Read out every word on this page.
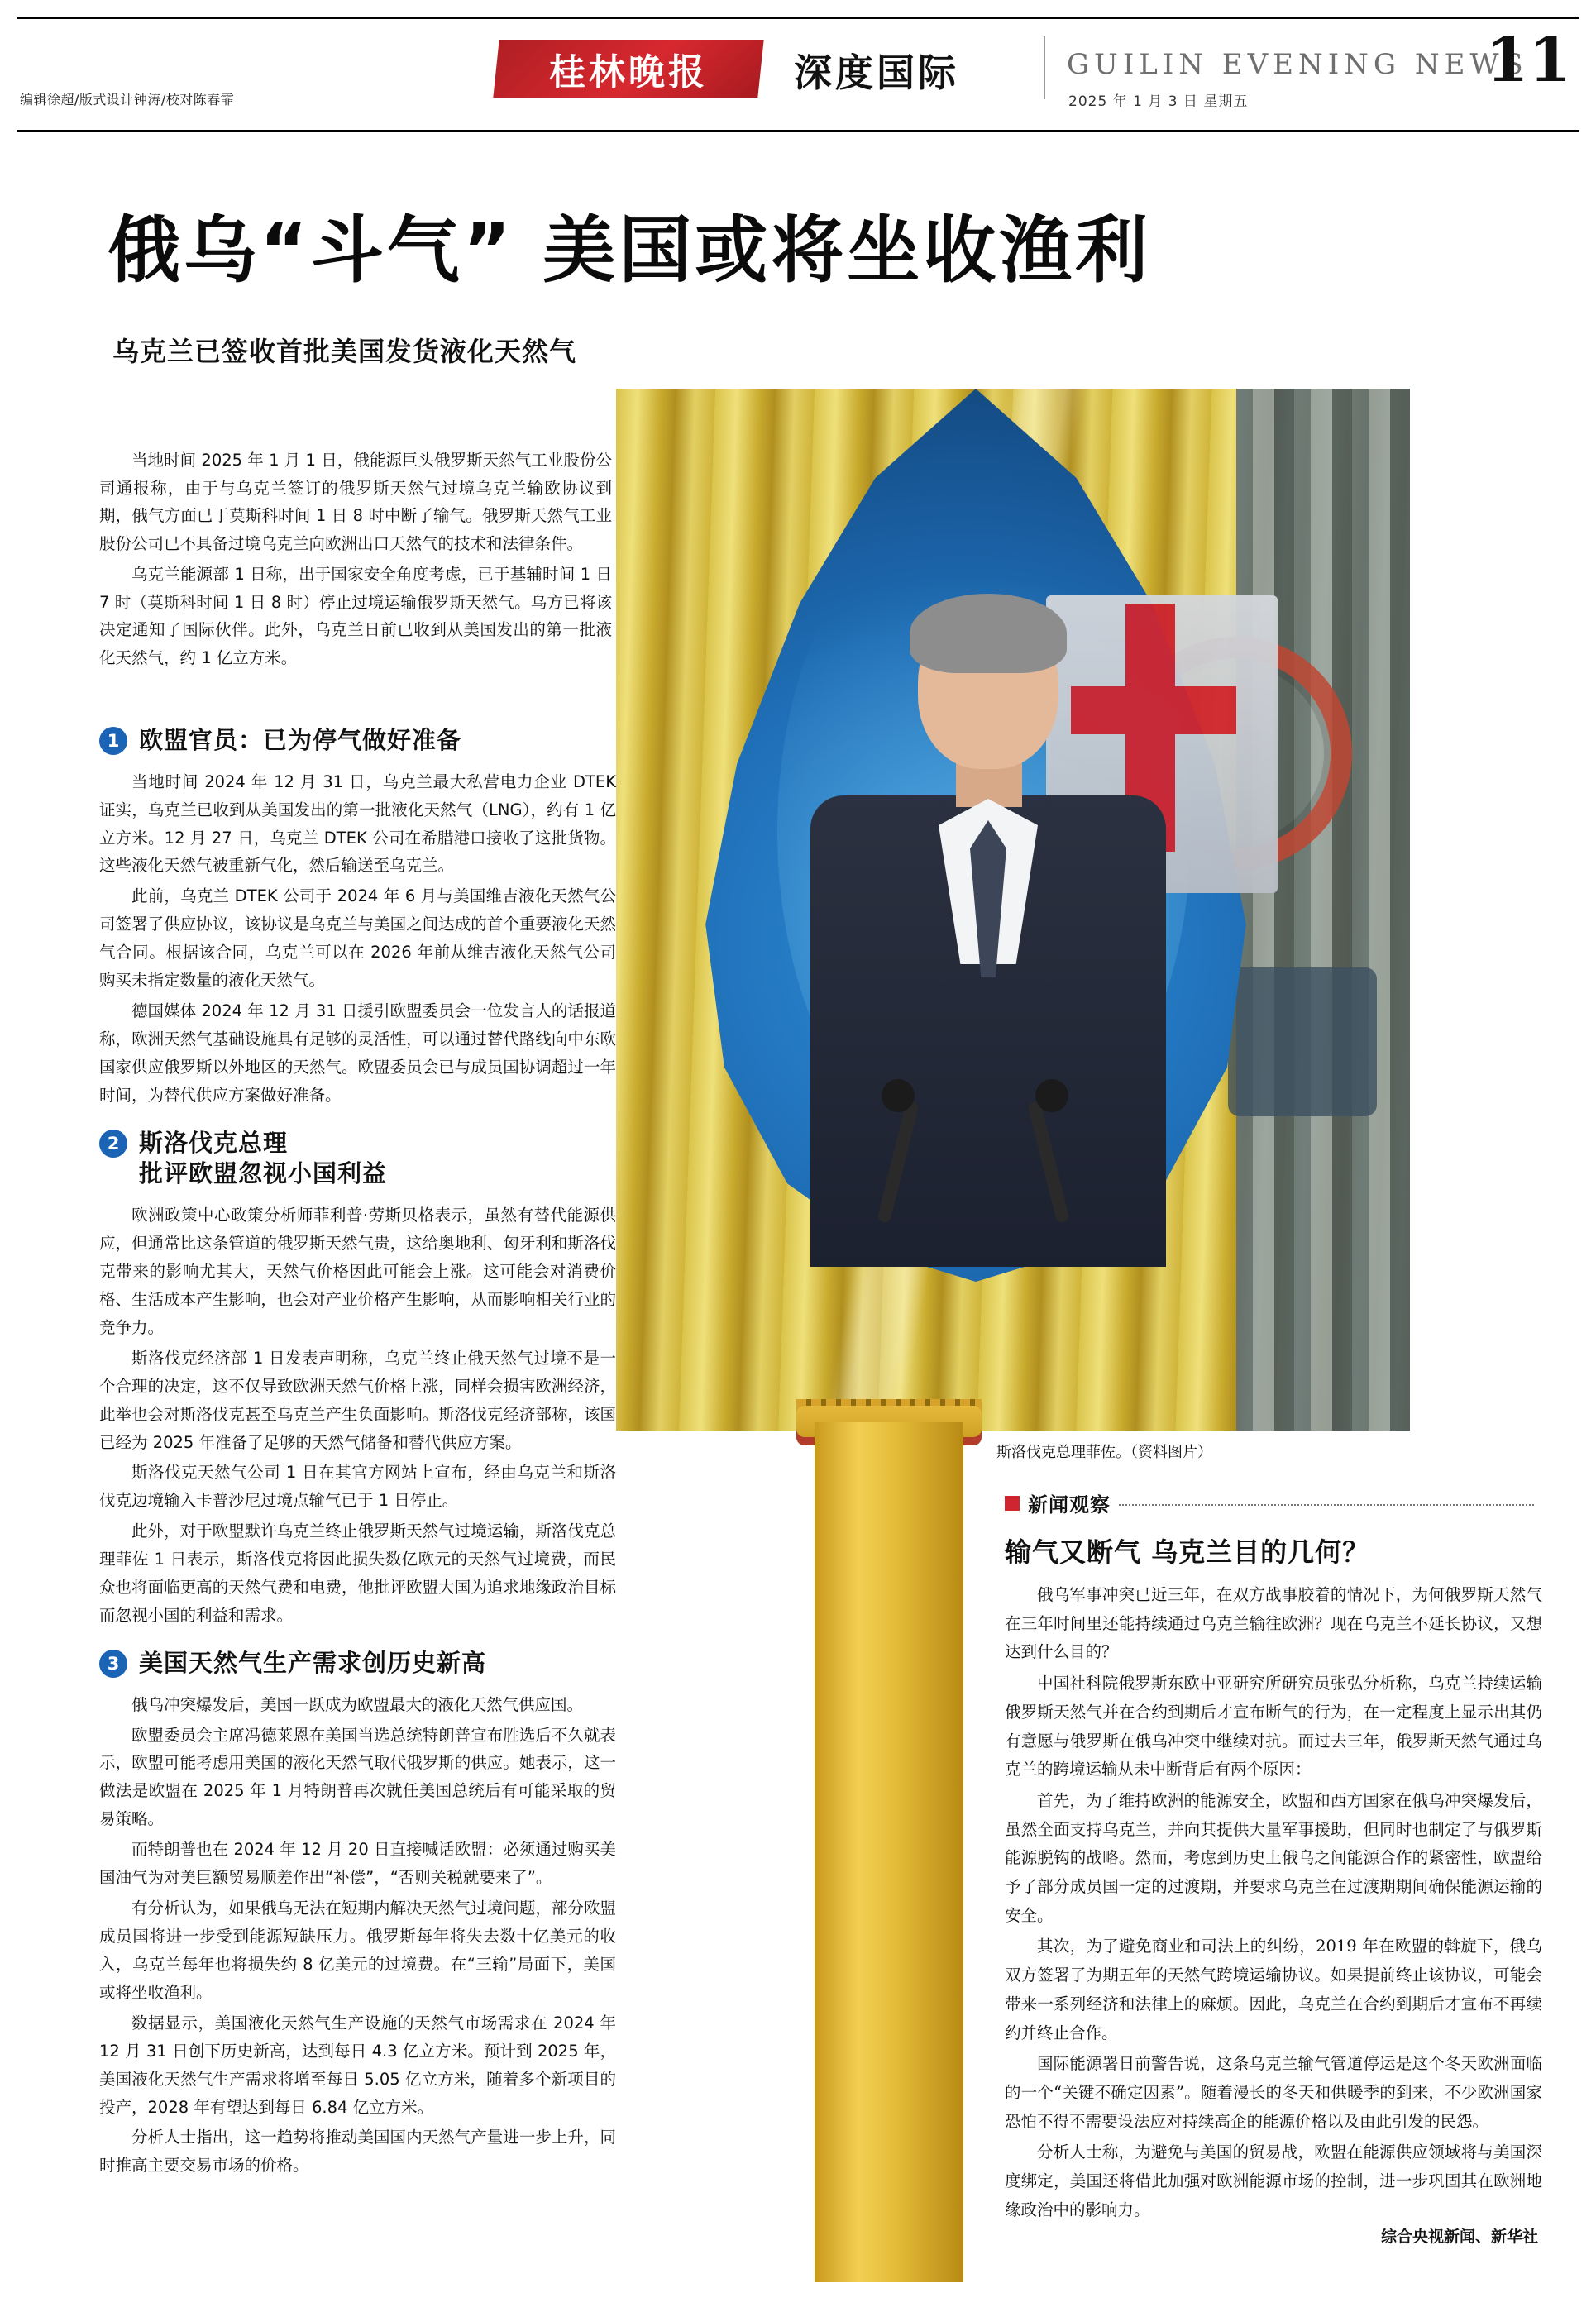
编辑徐超/版式设计钟涛/校对陈春霏
桂林晚报 深度国际	GUILIN EVENING NEWS
2025 年 1 月 3 日 星期五
11
俄乌“斗气” 美国或将坐收渔利
乌克兰已签收首批美国发货液化天然气

当地时间 2025 年 1 月 1 日，俄能源巨头俄罗斯天然气工业股份公司通报称，由于与乌克兰签订的俄罗斯天然气过境乌克兰输欧协议到期，俄气方面已于莫斯科时间 1 日 8 时中断了输气。俄罗斯天然气工业股份公司已不具备过境乌克兰向欧洲出口天然气的技术和法律条件。

乌克兰能源部 1 日称，出于国家安全角度考虑，已于基辅时间 1 日 7 时（莫斯科时间 1 日 8 时）停止过境运输俄罗斯天然气。乌方已将该决定通知了国际伙伴。此外，乌克兰日前已收到从美国发出的第一批液化天然气，约 1 亿立方米。

斯洛伐克总理菲佐。（资料图片）
1 欧盟官员：已为停气做好准备

当地时间 2024 年 12 月 31 日，乌克兰最大私营电力企业 DTEK 证实，乌克兰已收到从美国发出的第一批液化天然气（LNG），约有 1 亿立方米。12 月 27 日，乌克兰 DTEK 公司在希腊港口接收了这批货物。这些液化天然气被重新气化，然后输送至乌克兰。

此前，乌克兰 DTEK 公司于 2024 年 6 月与美国维吉液化天然气公司签署了供应协议，该协议是乌克兰与美国之间达成的首个重要液化天然气合同。根据该合同，乌克兰可以在 2026 年前从维吉液化天然气公司购买未指定数量的液化天然气。

德国媒体 2024 年 12 月 31 日援引欧盟委员会一位发言人的话报道称，欧洲天然气基础设施具有足够的灵活性，可以通过替代路线向中东欧国家供应俄罗斯以外地区的天然气。欧盟委员会已与成员国协调超过一年时间，为替代供应方案做好准备。

2 斯洛伐克总理
批评欧盟忽视小国利益

欧洲政策中心政策分析师菲利普·劳斯贝格表示，虽然有替代能源供应，但通常比这条管道的俄罗斯天然气贵，这给奥地利、匈牙利和斯洛伐克带来的影响尤其大，天然气价格因此可能会上涨。这可能会对消费价格、生活成本产生影响，也会对产业价格产生影响，从而影响相关行业的竞争力。

斯洛伐克经济部 1 日发表声明称，乌克兰终止俄天然气过境不是一个合理的决定，这不仅导致欧洲天然气价格上涨，同样会损害欧洲经济，此举也会对斯洛伐克甚至乌克兰产生负面影响。斯洛伐克经济部称，该国已经为 2025 年准备了足够的天然气储备和替代供应方案。

斯洛伐克天然气公司 1 日在其官方网站上宣布，经由乌克兰和斯洛伐克边境输入卡普沙尼过境点输气已于 1 日停止。

此外，对于欧盟默许乌克兰终止俄罗斯天然气过境运输，斯洛伐克总理菲佐 1 日表示，斯洛伐克将因此损失数亿欧元的天然气过境费，而民众也将面临更高的天然气费和电费，他批评欧盟大国为追求地缘政治目标而忽视小国的利益和需求。

3 美国天然气生产需求创历史新高

俄乌冲突爆发后，美国一跃成为欧盟最大的液化天然气供应国。

欧盟委员会主席冯德莱恩在美国当选总统特朗普宣布胜选后不久就表示，欧盟可能考虑用美国的液化天然气取代俄罗斯的供应。她表示，这一做法是欧盟在 2025 年 1 月特朗普再次就任美国总统后有可能采取的贸易策略。

而特朗普也在 2024 年 12 月 20 日直接喊话欧盟：必须通过购买美国油气为对美巨额贸易顺差作出“补偿”，“否则关税就要来了”。

有分析认为，如果俄乌无法在短期内解决天然气过境问题，部分欧盟成员国将进一步受到能源短缺压力。俄罗斯每年将失去数十亿美元的收入，乌克兰每年也将损失约 8 亿美元的过境费。在“三输”局面下，美国或将坐收渔利。

数据显示，美国液化天然气生产设施的天然气市场需求在 2024 年 12 月 31 日创下历史新高，达到每日 4.3 亿立方米。预计到 2025 年，美国液化天然气生产需求将增至每日 5.05 亿立方米，随着多个新项目的投产，2028 年有望达到每日 6.84 亿立方米。

分析人士指出，这一趋势将推动美国国内天然气产量进一步上升，同时推高主要交易市场的价格。

新闻观察
输气又断气 乌克兰目的几何？

俄乌军事冲突已近三年，在双方战事胶着的情况下，为何俄罗斯天然气在三年时间里还能持续通过乌克兰输往欧洲？现在乌克兰不延长协议，又想达到什么目的？

中国社科院俄罗斯东欧中亚研究所研究员张弘分析称，乌克兰持续运输俄罗斯天然气并在合约到期后才宣布断气的行为，在一定程度上显示出其仍有意愿与俄罗斯在俄乌冲突中继续对抗。而过去三年，俄罗斯天然气通过乌克兰的跨境运输从未中断背后有两个原因：

首先，为了维持欧洲的能源安全，欧盟和西方国家在俄乌冲突爆发后，虽然全面支持乌克兰，并向其提供大量军事援助，但同时也制定了与俄罗斯能源脱钩的战略。然而，考虑到历史上俄乌之间能源合作的紧密性，欧盟给予了部分成员国一定的过渡期，并要求乌克兰在过渡期期间确保能源运输的安全。

其次，为了避免商业和司法上的纠纷，2019 年在欧盟的斡旋下，俄乌双方签署了为期五年的天然气跨境运输协议。如果提前终止该协议，可能会带来一系列经济和法律上的麻烦。因此，乌克兰在合约到期后才宣布不再续约并终止合作。

国际能源署日前警告说，这条乌克兰输气管道停运是这个冬天欧洲面临的一个“关键不确定因素”。随着漫长的冬天和供暖季的到来，不少欧洲国家恐怕不得不需要设法应对持续高企的能源价格以及由此引发的民怨。

分析人士称，为避免与美国的贸易战，欧盟在能源供应领域将与美国深度绑定，美国还将借此加强对欧洲能源市场的控制，进一步巩固其在欧洲地缘政治中的影响力。

综合央视新闻、新华社
